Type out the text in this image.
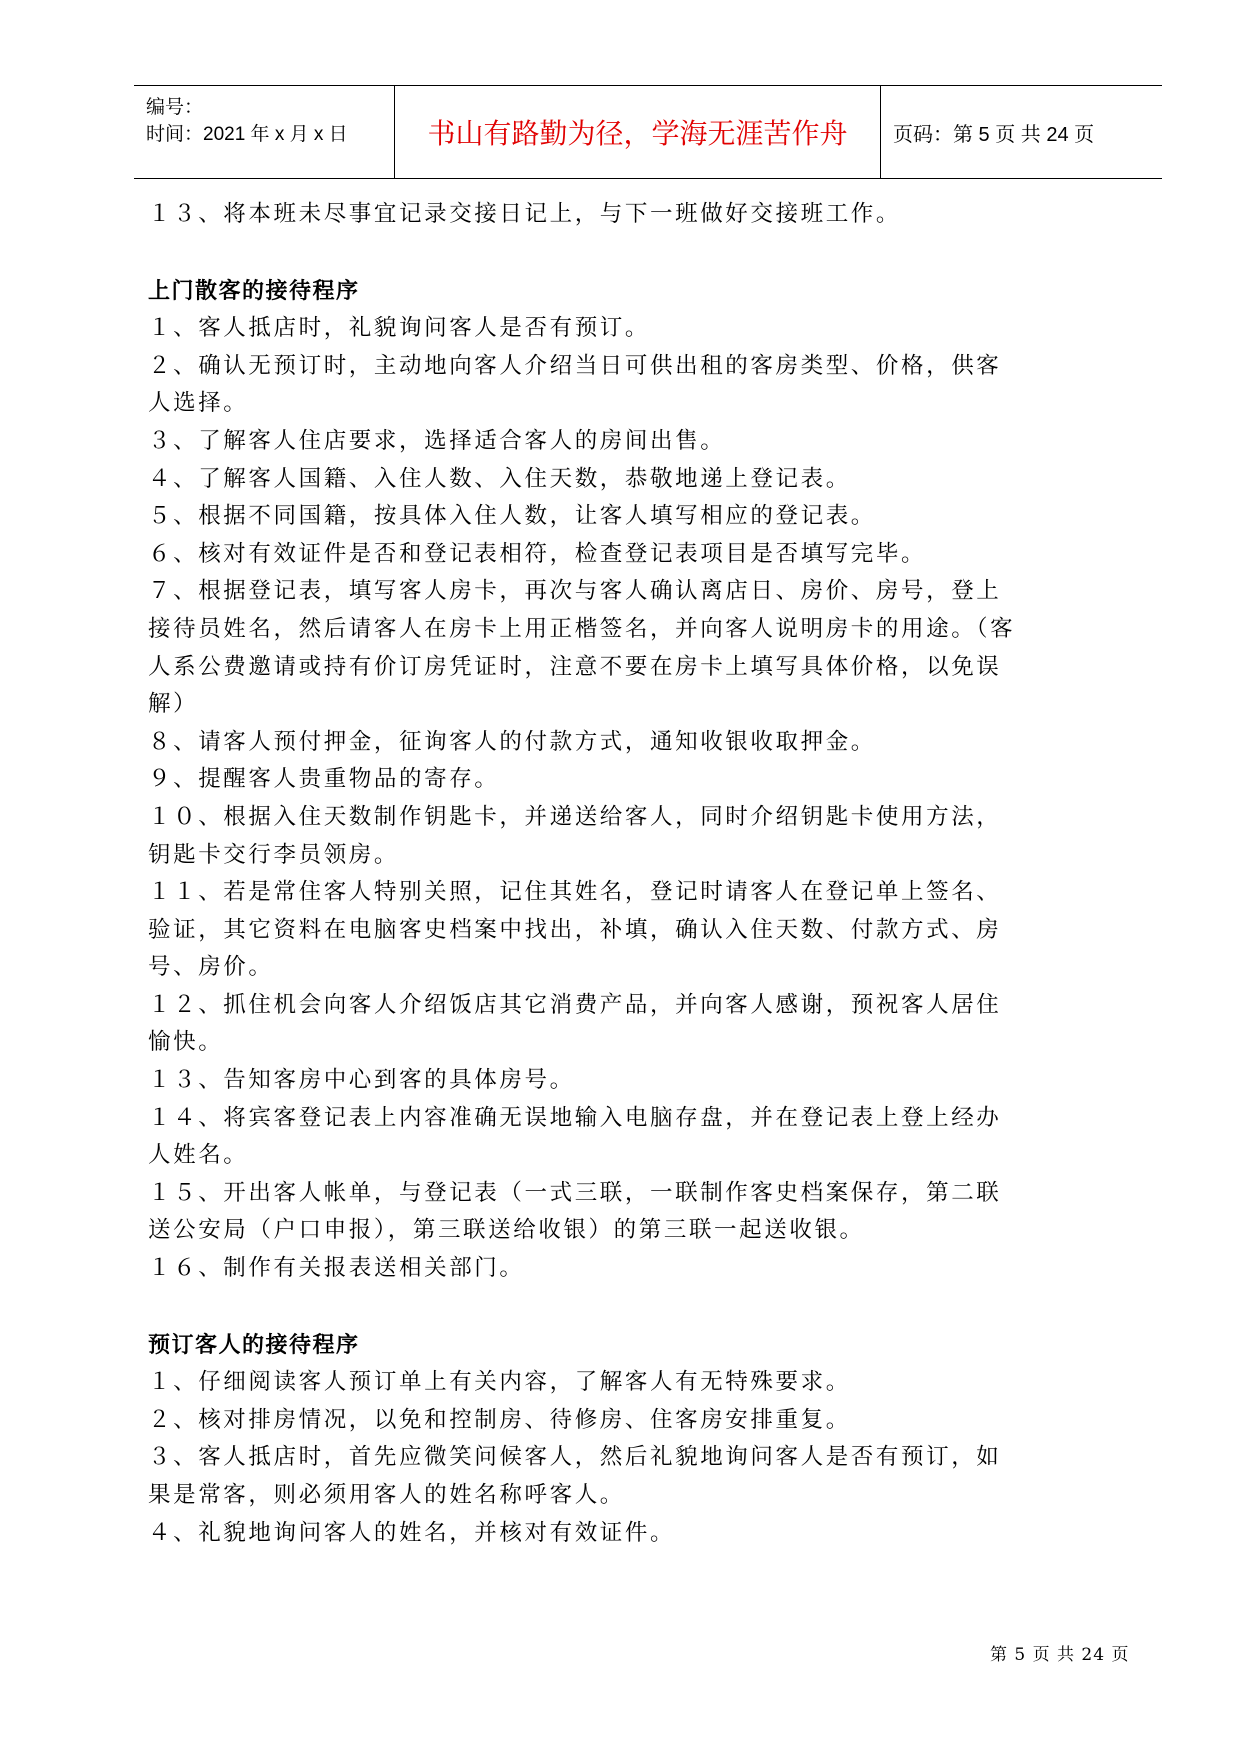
编号：
时间：2021 年 x 月 x 日	书山有路勤为径，学海无涯苦作舟	页码：第 5 页 共 24 页

１３、将本班未尽事宜记录交接日记上，与下一班做好交接班工作。

上门散客的接待程序

１、客人抵店时，礼貌询问客人是否有预订。

２、确认无预订时，主动地向客人介绍当日可供出租的客房类型、价格，供客

人选择。

３、了解客人住店要求，选择适合客人的房间出售。

４、了解客人国籍、入住人数、入住天数，恭敬地递上登记表。

５、根据不同国籍，按具体入住人数，让客人填写相应的登记表。

６、核对有效证件是否和登记表相符，检查登记表项目是否填写完毕。

７、根据登记表，填写客人房卡，再次与客人确认离店日、房价、房号，登上

接待员姓名，然后请客人在房卡上用正楷签名，并向客人说明房卡的用途。（客

人系公费邀请或持有价订房凭证时，注意不要在房卡上填写具体价格，以免误

解）

８、请客人预付押金，征询客人的付款方式，通知收银收取押金。

９、提醒客人贵重物品的寄存。

１０、根据入住天数制作钥匙卡，并递送给客人，同时介绍钥匙卡使用方法，

钥匙卡交行李员领房。

１１、若是常住客人特别关照，记住其姓名，登记时请客人在登记单上签名、

验证，其它资料在电脑客史档案中找出，补填，确认入住天数、付款方式、房

号、房价。

１２、抓住机会向客人介绍饭店其它消费产品，并向客人感谢，预祝客人居住

愉快。

１３、告知客房中心到客的具体房号。

１４、将宾客登记表上内容准确无误地输入电脑存盘，并在登记表上登上经办

人姓名。

１５、开出客人帐单，与登记表（一式三联，一联制作客史档案保存，第二联

送公安局（户口申报），第三联送给收银）的第三联一起送收银。

１６、制作有关报表送相关部门。

预订客人的接待程序

１、仔细阅读客人预订单上有关内容，了解客人有无特殊要求。

２、核对排房情况，以免和控制房、待修房、住客房安排重复。

３、客人抵店时，首先应微笑问候客人，然后礼貌地询问客人是否有预订，如

果是常客，则必须用客人的姓名称呼客人。

４、礼貌地询问客人的姓名，并核对有效证件。

第 5 页 共 24 页
